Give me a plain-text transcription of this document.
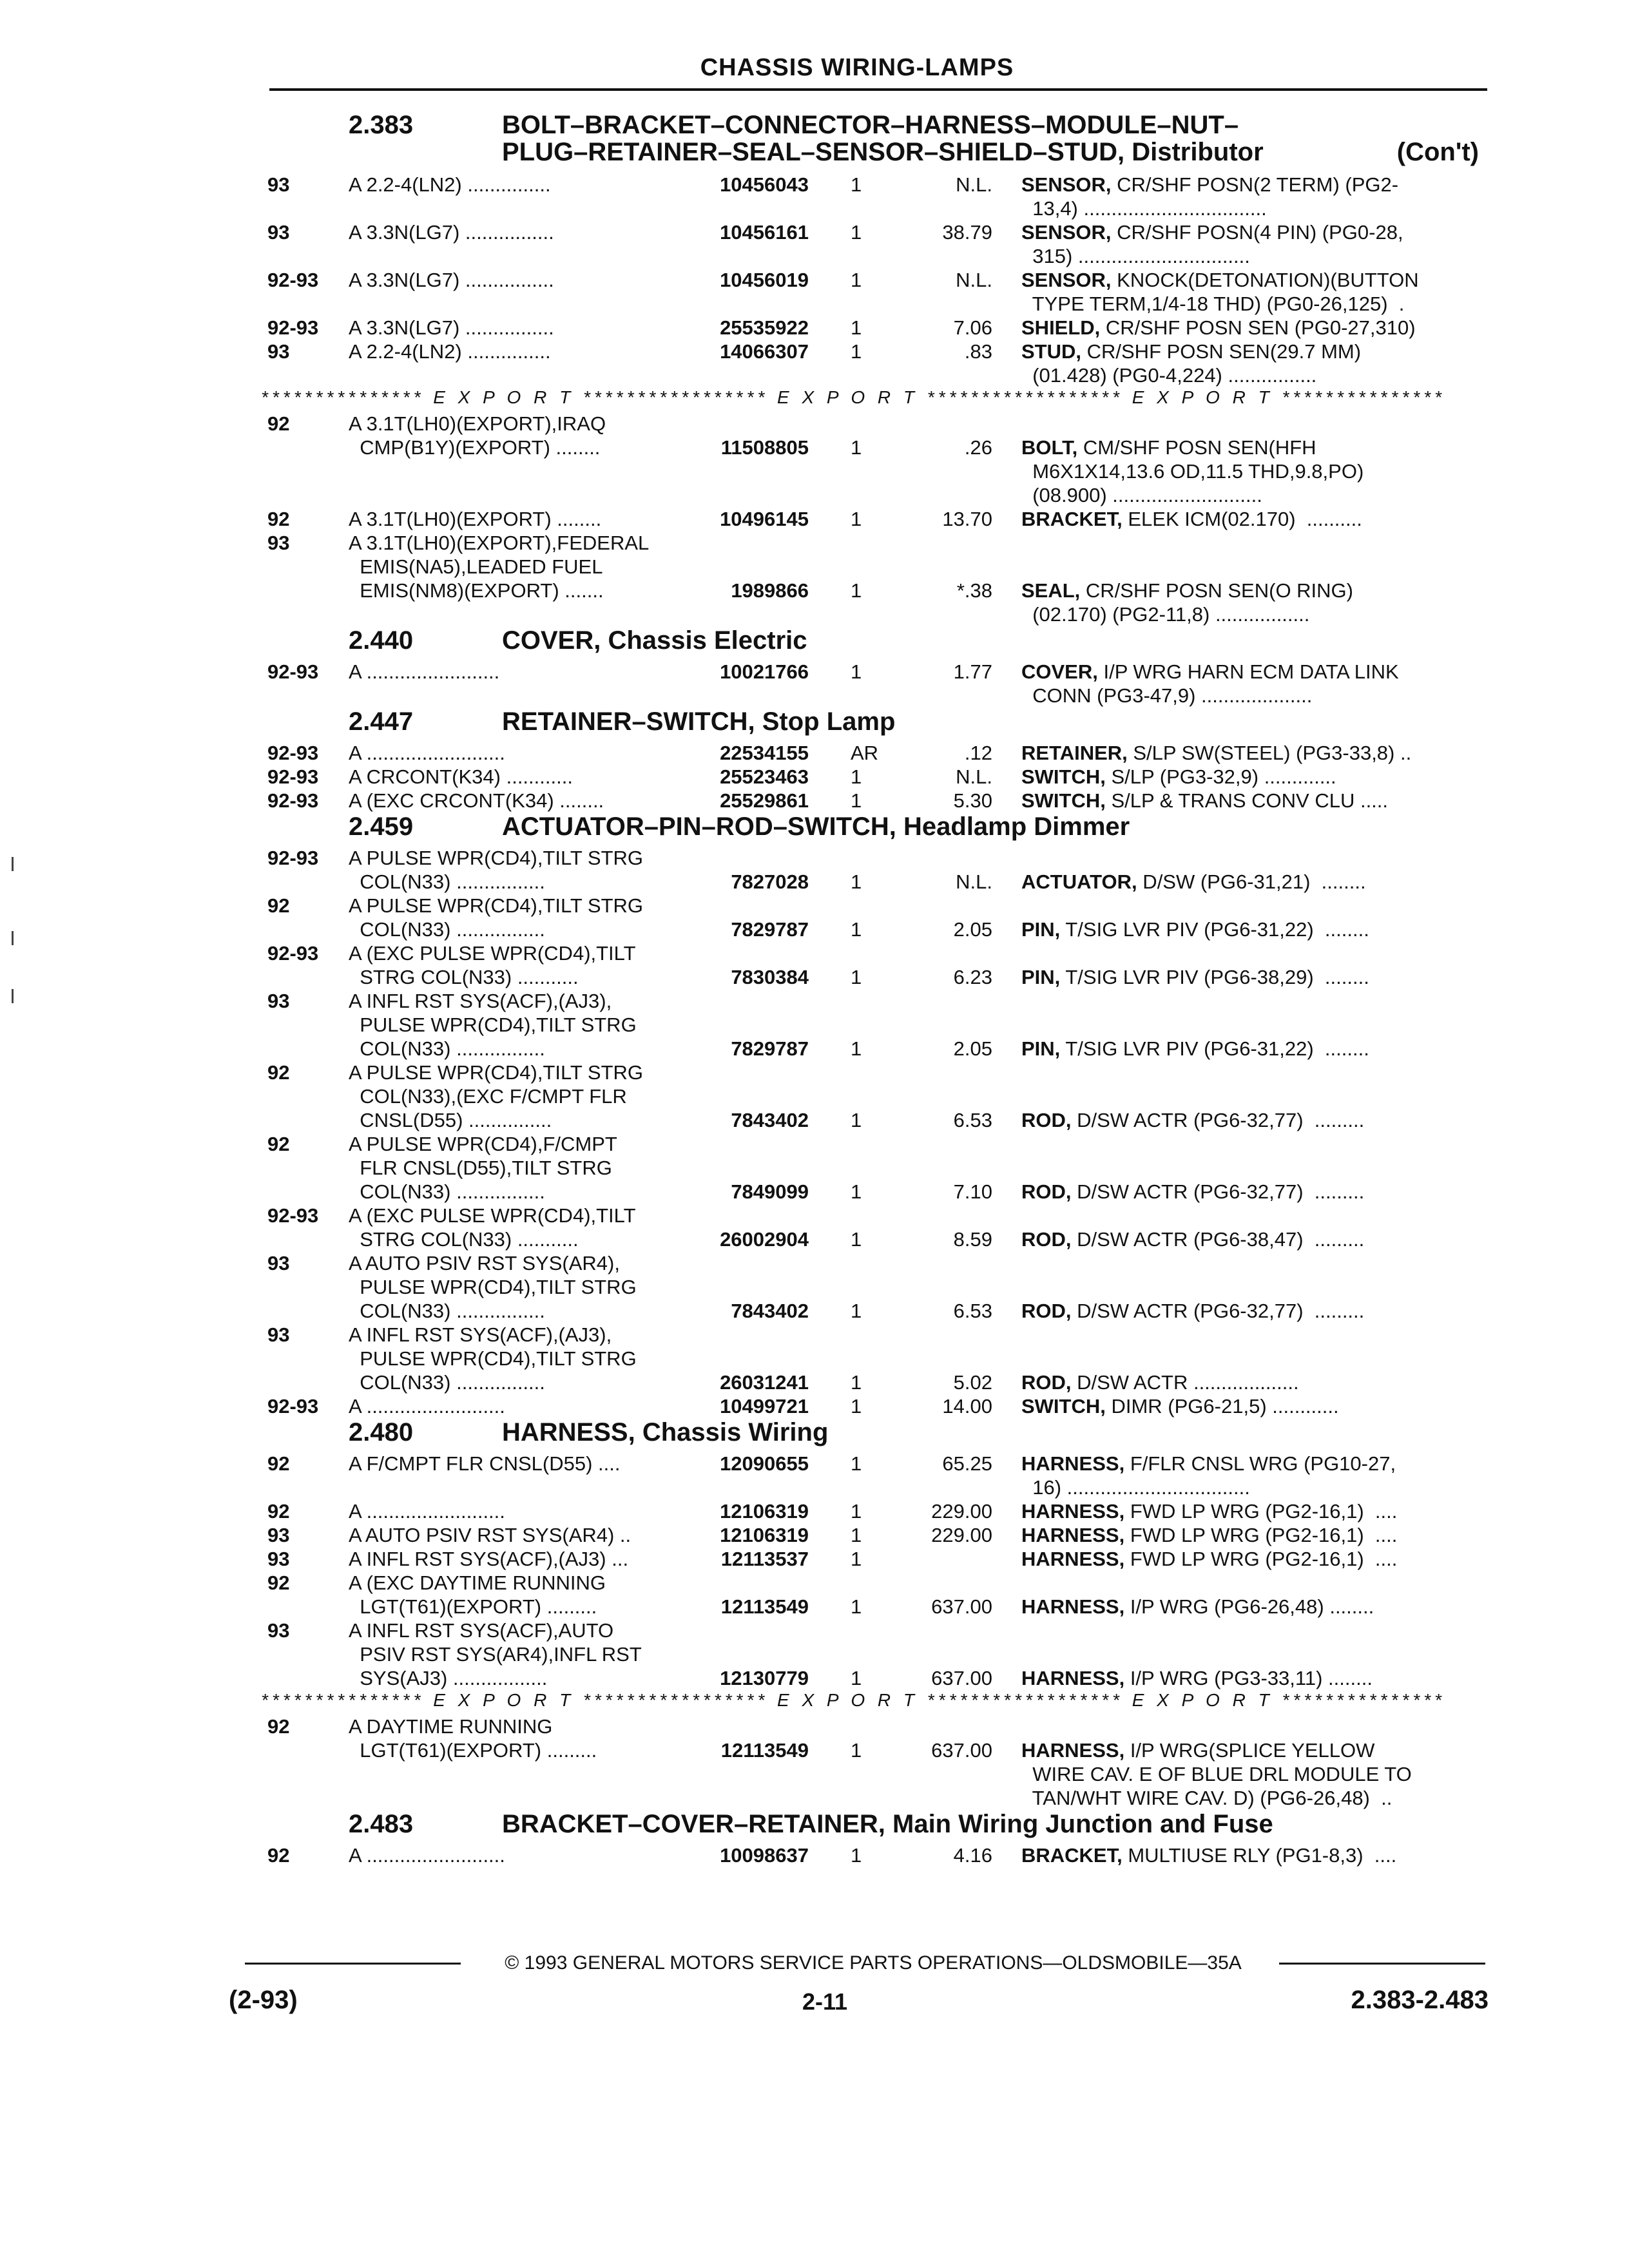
CHASSIS WIRING-LAMPS
2.383	BOLT–BRACKET–CONNECTOR–HARNESS–MODULE–NUT–
PLUG–RETAINER–SEAL–SENSOR–SHIELD–STUD, Distributor	(Con't)
93	A 2.2-4(LN2) ...............	10456043 1	N.L. SENSOR, CR/SHF POSN(2 TERM) (PG2-
13,4) .................................
93	A 3.3N(LG7) ................	10456161 1	38.79 SENSOR, CR/SHF POSN(4 PIN) (PG0-28,
315) ...............................
92-93 A 3.3N(LG7) ................	10456019 1	N.L. SENSOR, KNOCK(DETONATION)(BUTTON
TYPE TERM,1/4-18 THD) (PG0-26,125)  .
92-93 A 3.3N(LG7) ................	25535922 1	7.06 SHIELD, CR/SHF POSN SEN (PG0-27,310)
93	A 2.2-4(LN2) ...............	14066307 1	.83 STUD, CR/SHF POSN SEN(29.7 MM)
(01.428) (PG0-4,224) ................
*************** E X P O R T ***************** E X P O R T ****************** E X P O R T ***************
92	A 3.1T(LH0)(EXPORT),IRAQ
CMP(B1Y)(EXPORT) ........	11508805 1	.26 BOLT, CM/SHF POSN SEN(HFH
M6X1X14,13.6 OD,11.5 THD,9.8,PO)
(08.900) ...........................
92	A 3.1T(LH0)(EXPORT) ........	10496145 1	13.70 BRACKET, ELEK ICM(02.170)  ..........
93	A 3.1T(LH0)(EXPORT),FEDERAL
EMIS(NA5),LEADED FUEL
EMIS(NM8)(EXPORT) .......	1989866 1	*.38 SEAL, CR/SHF POSN SEN(O RING)
(02.170) (PG2-11,8) .................
2.440	COVER, Chassis Electric
92-93 A ........................	10021766 1	1.77 COVER, I/P WRG HARN ECM DATA LINK
CONN (PG3-47,9) ....................
2.447	RETAINER–SWITCH, Stop Lamp
92-93 A .........................	22534155 AR	.12 RETAINER, S/LP SW(STEEL) (PG3-33,8) ..
92-93 A CRCONT(K34) ............	25523463 1	N.L. SWITCH, S/LP (PG3-32,9) .............
92-93 A (EXC CRCONT(K34) ........	25529861 1	5.30 SWITCH, S/LP & TRANS CONV CLU .....
2.459	ACTUATOR–PIN–ROD–SWITCH, Headlamp Dimmer
92-93 A PULSE WPR(CD4),TILT STRG
COL(N33) ................	7827028 1	N.L. ACTUATOR, D/SW (PG6-31,21)  ........
92	A PULSE WPR(CD4),TILT STRG
COL(N33) ................	7829787 1	2.05 PIN, T/SIG LVR PIV (PG6-31,22)  ........
92-93 A (EXC PULSE WPR(CD4),TILT
STRG COL(N33) ...........	7830384 1	6.23 PIN, T/SIG LVR PIV (PG6-38,29)  ........
93	A INFL RST SYS(ACF),(AJ3),
PULSE WPR(CD4),TILT STRG
COL(N33) ................	7829787 1	2.05 PIN, T/SIG LVR PIV (PG6-31,22)  ........
92	A PULSE WPR(CD4),TILT STRG
COL(N33),(EXC F/CMPT FLR
CNSL(D55) ...............	7843402 1	6.53 ROD, D/SW ACTR (PG6-32,77)  .........
92	A PULSE WPR(CD4),F/CMPT
FLR CNSL(D55),TILT STRG
COL(N33) ................	7849099 1	7.10 ROD, D/SW ACTR (PG6-32,77)  .........
92-93 A (EXC PULSE WPR(CD4),TILT
STRG COL(N33) ...........	26002904 1	8.59 ROD, D/SW ACTR (PG6-38,47)  .........
93	A AUTO PSIV RST SYS(AR4),
PULSE WPR(CD4),TILT STRG
COL(N33) ................	7843402 1	6.53 ROD, D/SW ACTR (PG6-32,77)  .........
93	A INFL RST SYS(ACF),(AJ3),
PULSE WPR(CD4),TILT STRG
COL(N33) ................	26031241 1	5.02 ROD, D/SW ACTR ...................
92-93 A .........................	10499721 1	14.00 SWITCH, DIMR (PG6-21,5) ............
2.480	HARNESS, Chassis Wiring
92	A F/CMPT FLR CNSL(D55) ....	12090655 1	65.25 HARNESS, F/FLR CNSL WRG (PG10-27,
16) .................................
92	A .........................	12106319 1	229.00 HARNESS, FWD LP WRG (PG2-16,1)  ....
93	A AUTO PSIV RST SYS(AR4) ..	12106319 1	229.00 HARNESS, FWD LP WRG (PG2-16,1)  ....
93	A INFL RST SYS(ACF),(AJ3) ...	12113537 1	HARNESS, FWD LP WRG (PG2-16,1)  ....
92	A (EXC DAYTIME RUNNING
LGT(T61)(EXPORT) .........	12113549 1	637.00 HARNESS, I/P WRG (PG6-26,48) ........
93	A INFL RST SYS(ACF),AUTO
PSIV RST SYS(AR4),INFL RST
SYS(AJ3) .................	12130779 1	637.00 HARNESS, I/P WRG (PG3-33,11) ........
*************** E X P O R T ***************** E X P O R T ****************** E X P O R T ***************
92	A DAYTIME RUNNING
LGT(T61)(EXPORT) .........	12113549 1	637.00 HARNESS, I/P WRG(SPLICE YELLOW
WIRE CAV. E OF BLUE DRL MODULE TO
TAN/WHT WIRE CAV. D) (PG6-26,48)  ..
2.483	BRACKET–COVER–RETAINER, Main Wiring Junction and Fuse
92	A .........................	10098637 1	4.16 BRACKET, MULTIUSE RLY (PG1-8,3)  ....
© 1993 GENERAL MOTORS SERVICE PARTS OPERATIONS—OLDSMOBILE—35A
(2-93)	2-11	2.383-2.483
